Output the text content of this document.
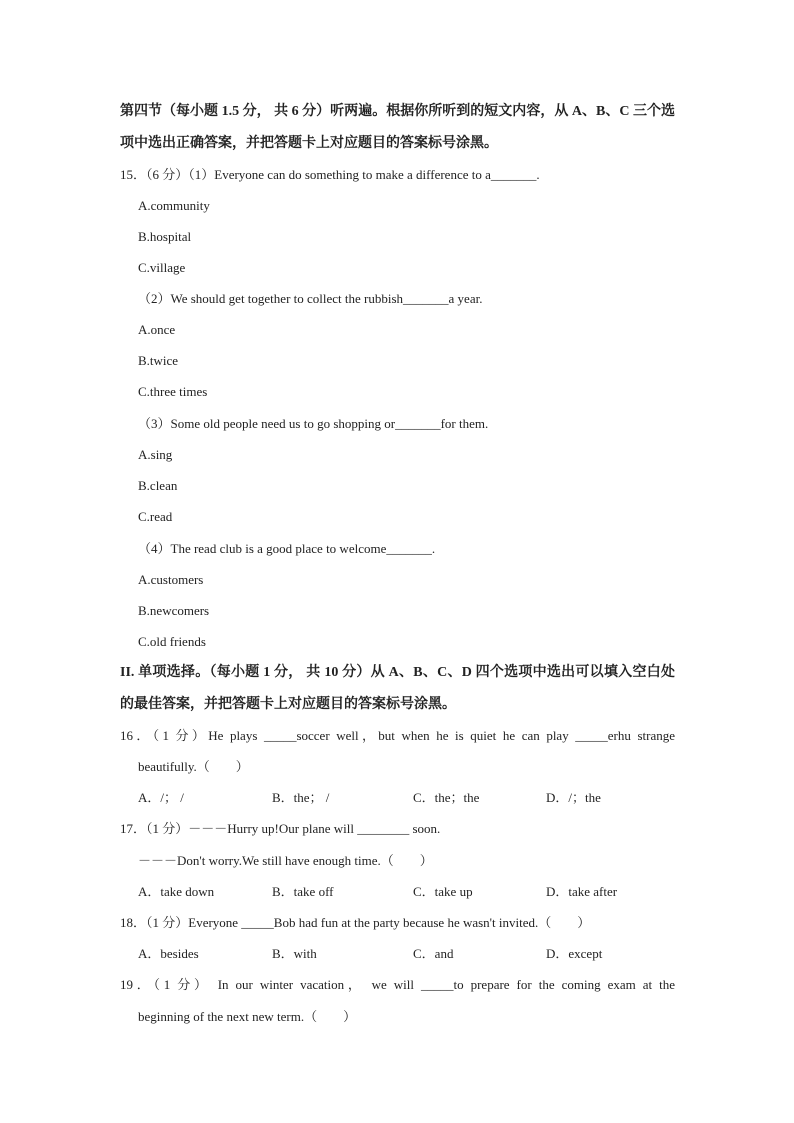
第四节（每小题 1.5 分， 共 6 分）听两遍。根据你所听到的短文内容，从 A、B、C 三个选
项中选出正确答案，并把答题卡上对应题目的答案标号涂黑。
15．（6 分）（1）Everyone can do something to make a difference to a_______.
A.community
B.hospital
C.village
（2）We should get together to collect the rubbish_______a year.
A.once
B.twice
C.three times
（3）Some old people need us to go shopping or_______for them.
A.sing
B.clean
C.read
（4）The read club is a good place to welcome_______.
A.customers
B.newcomers
C.old friends
II. 单项选择。（每小题 1 分， 共 10 分）从 A、B、C、D 四个选项中选出可以填入空白处
的最佳答案，并把答题卡上对应题目的答案标号涂黑。
16．（1 分）He plays _____soccer well，but when he is quiet he can play _____erhu strange
beautifully.（　　）
A．/； /	B．the； /	C．the；the	D．/；the
17．（1 分）－－－Hurry up!Our plane will ________ soon.
－－－Don't worry.We still have enough time.（　　）
A．take down	B．take off	C．take up	D．take after
18．（1 分）Everyone _____Bob had fun at the party because he wasn't invited.（　　）
A．besides	B．with	C．and	D．except
19．（1 分） In our winter vacation， we will _____to prepare for the coming exam at the
beginning of the next new term.（　　）
